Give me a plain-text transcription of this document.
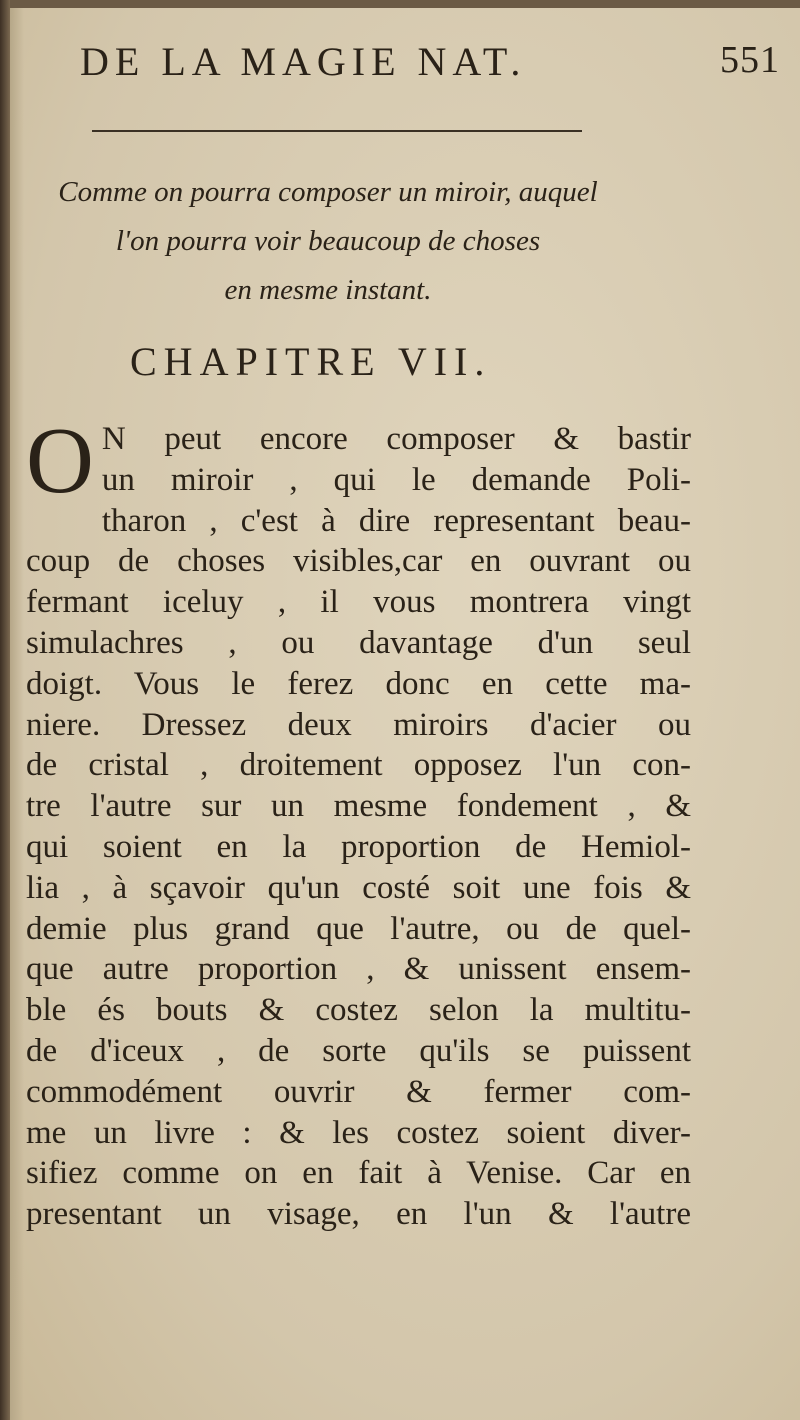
DE LA MAGIE NAT.	551
Comme on pourra composer un miroir, auquel
l'on pourra voir beaucoup de choses
en mesme instant.
CHAPITRE VII.
O N peut encore composer & bastir
un miroir , qui le demande Poli-
tharon , c'est à dire representant beau-
coup de choses visibles,car en ouvrant ou
fermant iceluy , il vous montrera vingt
simulachres , ou davantage d'un seul
doigt. Vous le ferez donc en cette ma-
niere. Dressez deux miroirs d'acier ou
de cristal , droitement opposez l'un con-
tre l'autre sur un mesme fondement , &
qui soient en la proportion de Hemiol-
lia , à sçavoir qu'un costé soit une fois &
demie plus grand que l'autre, ou de quel-
que autre proportion , & unissent ensem-
ble és bouts & costez selon la multitu-
de d'iceux , de sorte qu'ils se puissent
commodément ouvrir & fermer com-
me un livre : & les costez soient diver-
sifiez comme on en fait à Venise. Car en
presentant un visage, en l'un & l'autre
